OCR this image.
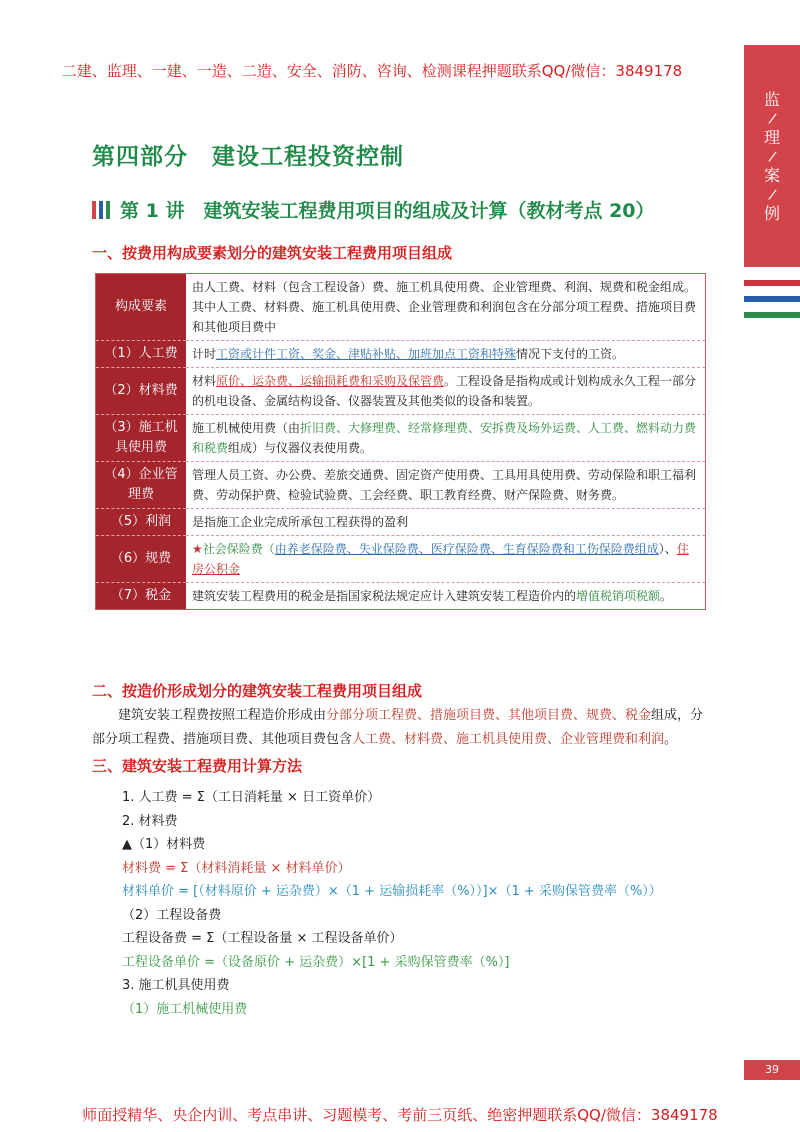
二建、监理、一建、一造、二造、安全、消防、咨询、检测课程押题联系QQ/微信：3849178
监
/
理
/
案
/
例
第四部分　建设工程投资控制
第 1 讲　建筑安装工程费用项目的组成及计算（教材考点 20）
一、按费用构成要素划分的建筑安装工程费用项目组成
构成要素	由人工费、材料（包含工程设备）费、施工机具使用费、企业管理费、利润、规费和税金组成。其中人工费、材料费、施工机具使用费、企业管理费和利润包含在分部分项工程费、措施项目费和其他项目费中
（1）人工费	计时工资或计件工资、奖金、津贴补贴、加班加点工资和特殊情况下支付的工资。
（2）材料费	材料原价、运杂费、运输损耗费和采购及保管费。工程设备是指构成或计划构成永久工程一部分的机电设备、金属结构设备、仪器装置及其他类似的设备和装置。
（3）施工机具使用费	施工机械使用费（由折旧费、大修理费、经常修理费、安拆费及场外运费、人工费、燃料动力费和税费组成）与仪器仪表使用费。
（4）企业管理费	管理人员工资、办公费、差旅交通费、固定资产使用费、工具用具使用费、劳动保险和职工福利费、劳动保护费、检验试验费、工会经费、职工教育经费、财产保险费、财务费。
（5）利润	是指施工企业完成所承包工程获得的盈利
（6）规费	★社会保险费（由养老保险费、失业保险费、医疗保险费、生育保险费和工伤保险费组成）、住房公积金
（7）税金	建筑安装工程费用的税金是指国家税法规定应计入建筑安装工程造价内的增值税销项税额。
二、按造价形成划分的建筑安装工程费用项目组成
建筑安装工程费按照工程造价形成由分部分项工程费、措施项目费、其他项目费、规费、税金组成，分部分项工程费、措施项目费、其他项目费包含人工费、材料费、施工机具使用费、企业管理费和利润。
三、建筑安装工程费用计算方法
1. 人工费 = Σ（工日消耗量 × 日工资单价）
2. 材料费
▲（1）材料费
材料费 = Σ（材料消耗量 × 材料单价）
材料单价 = [（材料原价 + 运杂费）×（1 + 运输损耗率（%））]×（1 + 采购保管费率（%））
（2）工程设备费
工程设备费 = Σ（工程设备量 × 工程设备单价）
工程设备单价 =（设备原价 + 运杂费）×[1 + 采购保管费率（%）]
3. 施工机具使用费
（1）施工机械使用费
39
师面授精华、央企内训、考点串讲、习题模考、考前三页纸、绝密押题联系QQ/微信：3849178
